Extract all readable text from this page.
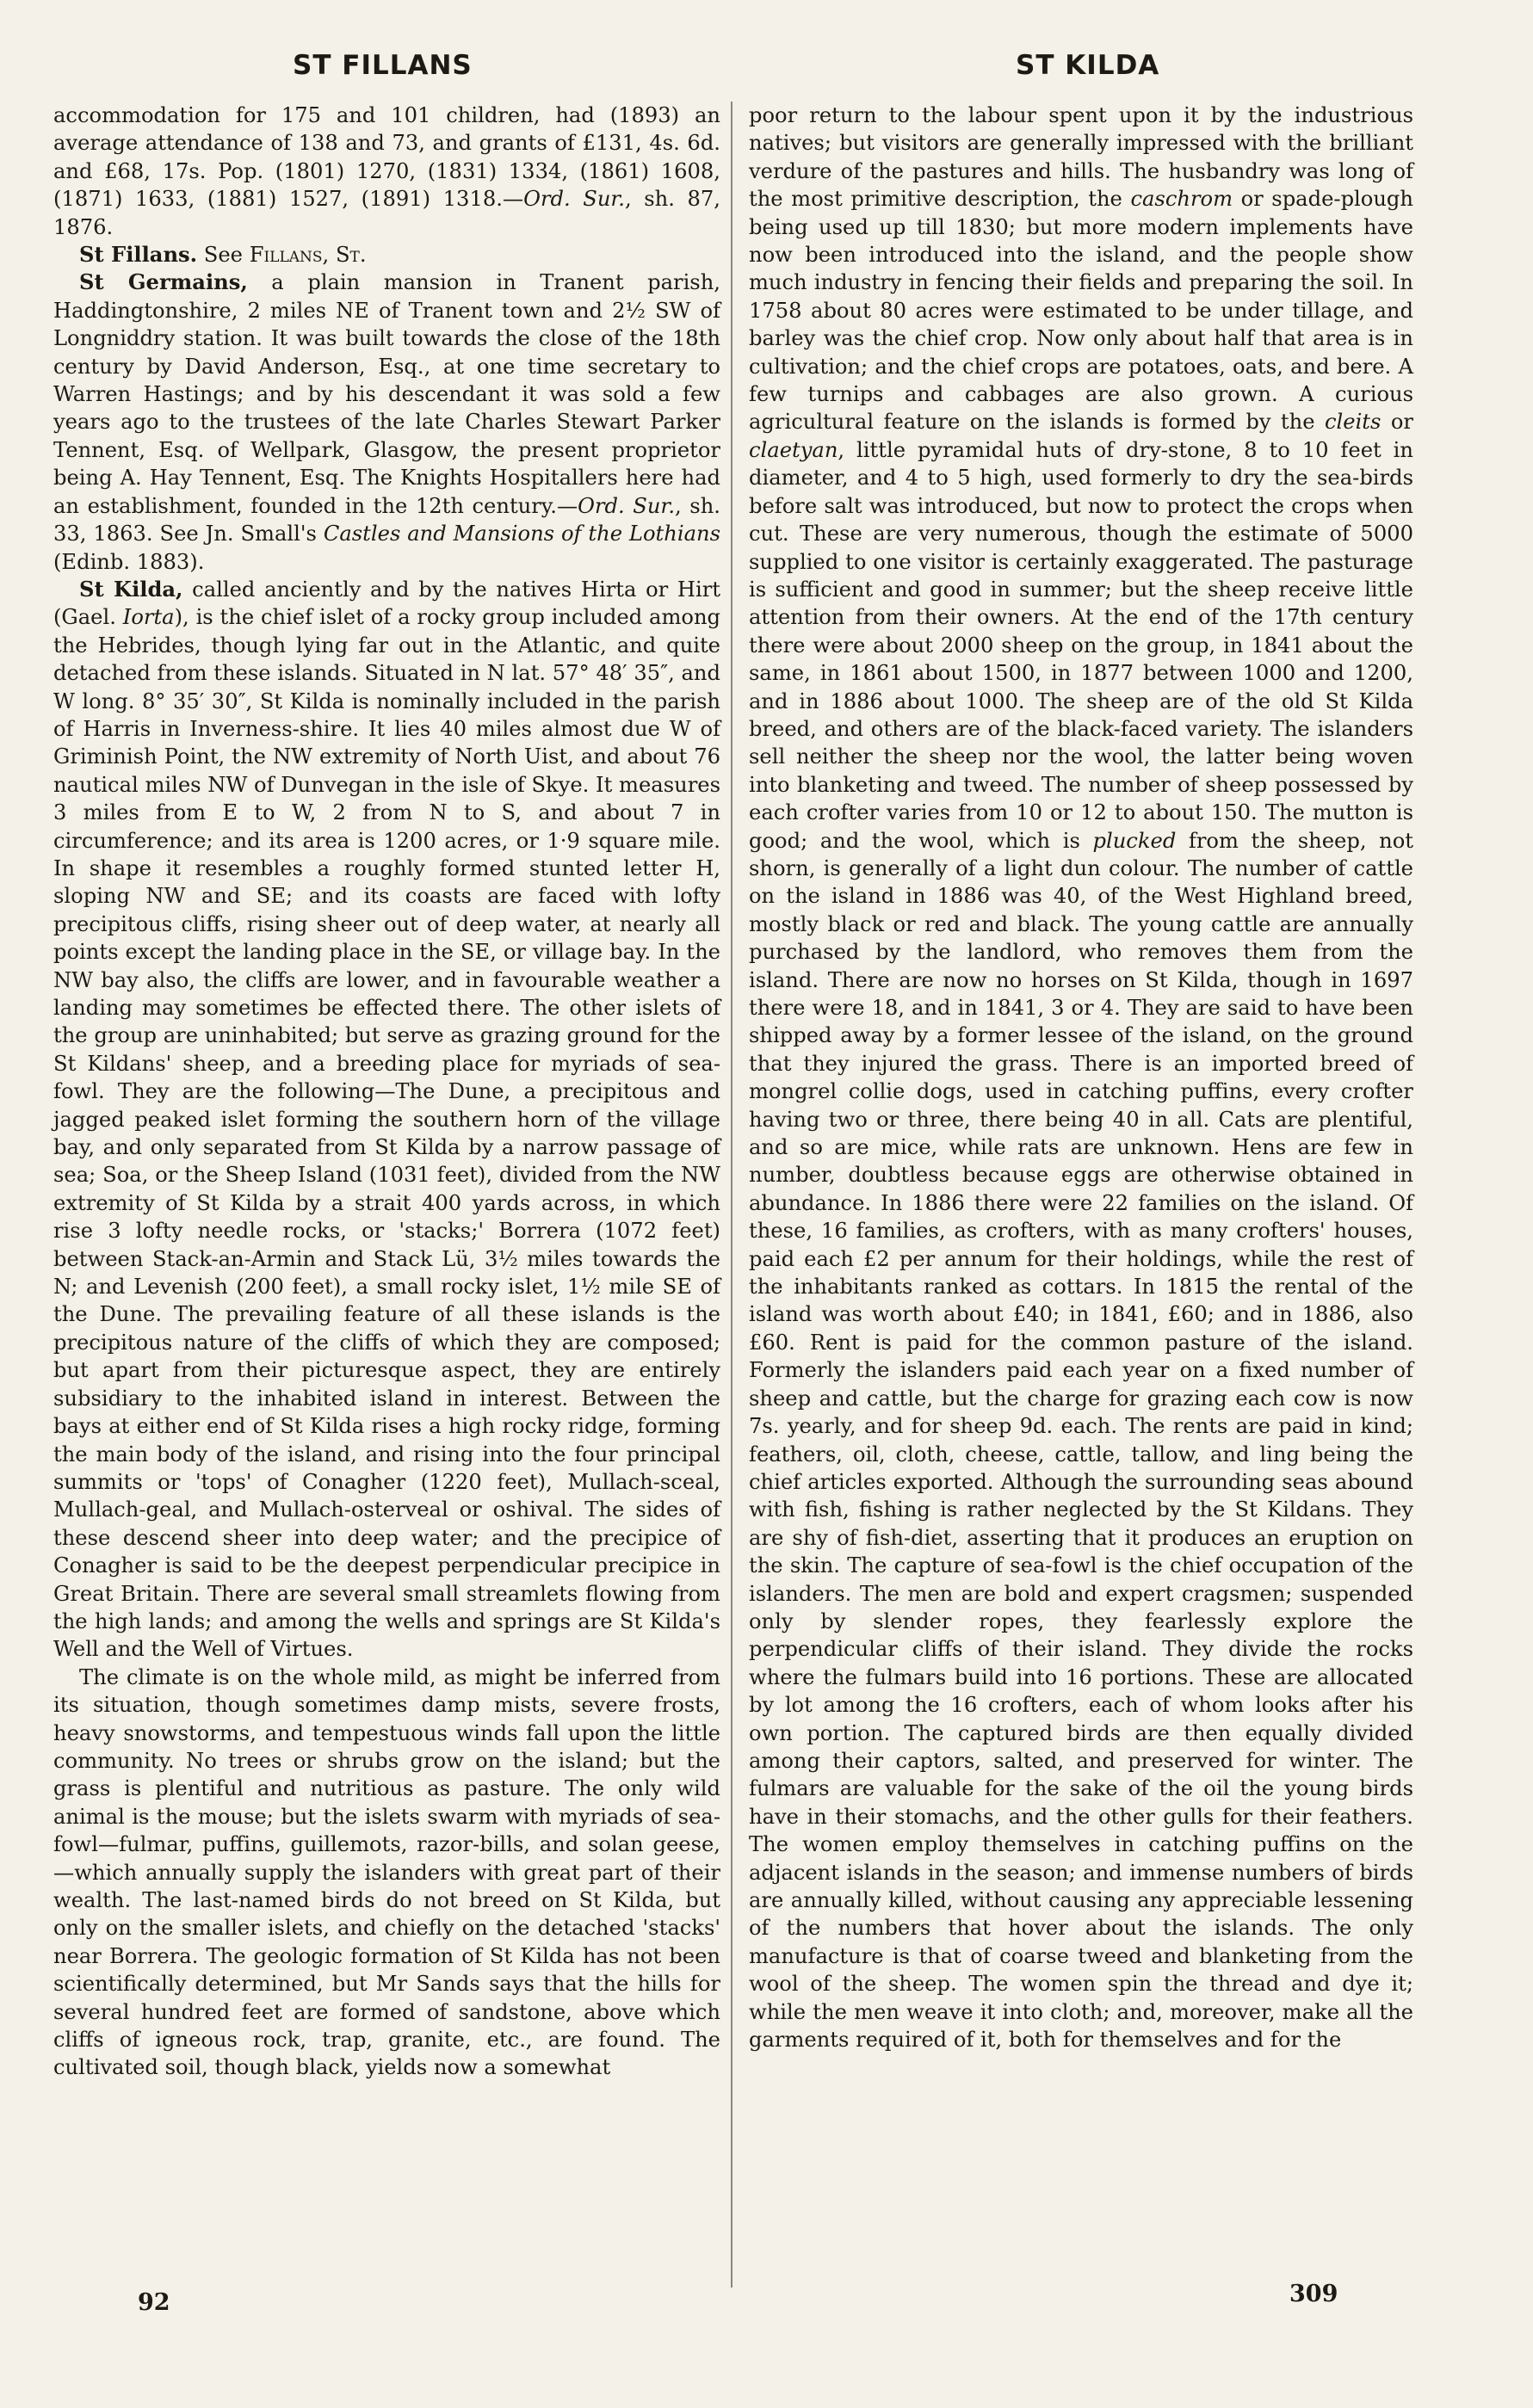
ST FILLANS	ST KILDA

accommodation for 175 and 101 children, had (1893) an average attendance of 138 and 73, and grants of £131, 4s. 6d. and £68, 17s. Pop. (1801) 1270, (1831) 1334, (1861) 1608, (1871) 1633, (1881) 1527, (1891) 1318.—Ord. Sur., sh. 87, 1876.

St Fillans. See Fillans, St.

St Germains, a plain mansion in Tranent parish, Haddingtonshire, 2 miles NE of Tranent town and 2½ SW of Longniddry station. It was built towards the close of the 18th century by David Anderson, Esq., at one time secretary to Warren Hastings; and by his descendant it was sold a few years ago to the trustees of the late Charles Stewart Parker Tennent, Esq. of Wellpark, Glasgow, the present proprietor being A. Hay Tennent, Esq. The Knights Hospitallers here had an establishment, founded in the 12th century.—Ord. Sur., sh. 33, 1863. See Jn. Small's Castles and Mansions of the Lothians (Edinb. 1883).

St Kilda, called anciently and by the natives Hirta or Hirt (Gael. Iorta), is the chief islet of a rocky group included among the Hebrides, though lying far out in the Atlantic, and quite detached from these islands. Situated in N lat. 57° 48′ 35″, and W long. 8° 35′ 30″, St Kilda is nominally included in the parish of Harris in Inverness-shire. It lies 40 miles almost due W of Griminish Point, the NW extremity of North Uist, and about 76 nautical miles NW of Dunvegan in the isle of Skye. It measures 3 miles from E to W, 2 from N to S, and about 7 in circumference; and its area is 1200 acres, or 1·9 square mile. In shape it resembles a roughly formed stunted letter H, sloping NW and SE; and its coasts are faced with lofty precipitous cliffs, rising sheer out of deep water, at nearly all points except the landing place in the SE, or village bay. In the NW bay also, the cliffs are lower, and in favourable weather a landing may sometimes be effected there. The other islets of the group are uninhabited; but serve as grazing ground for the St Kildans' sheep, and a breeding place for myriads of sea-fowl. They are the following—The Dune, a precipitous and jagged peaked islet forming the southern horn of the village bay, and only separated from St Kilda by a narrow passage of sea; Soa, or the Sheep Island (1031 feet), divided from the NW extremity of St Kilda by a strait 400 yards across, in which rise 3 lofty needle rocks, or 'stacks;' Borrera (1072 feet) between Stack-an-Armin and Stack Lü, 3½ miles towards the N; and Levenish (200 feet), a small rocky islet, 1½ mile SE of the Dune. The prevailing feature of all these islands is the precipitous nature of the cliffs of which they are composed; but apart from their picturesque aspect, they are entirely subsidiary to the inhabited island in interest. Between the bays at either end of St Kilda rises a high rocky ridge, forming the main body of the island, and rising into the four principal summits or 'tops' of Conagher (1220 feet), Mullach-sceal, Mullach-geal, and Mullach-osterveal or oshival. The sides of these descend sheer into deep water; and the precipice of Conagher is said to be the deepest perpendicular precipice in Great Britain. There are several small streamlets flowing from the high lands; and among the wells and springs are St Kilda's Well and the Well of Virtues.

The climate is on the whole mild, as might be inferred from its situation, though sometimes damp mists, severe frosts, heavy snowstorms, and tempestuous winds fall upon the little community. No trees or shrubs grow on the island; but the grass is plentiful and nutritious as pasture. The only wild animal is the mouse; but the islets swarm with myriads of sea-fowl—fulmar, puffins, guillemots, razor-bills, and solan geese,—which annually supply the islanders with great part of their wealth. The last-named birds do not breed on St Kilda, but only on the smaller islets, and chiefly on the detached 'stacks' near Borrera. The geologic formation of St Kilda has not been scientifically determined, but Mr Sands says that the hills for several hundred feet are formed of sandstone, above which cliffs of igneous rock, trap, granite, etc., are found. The cultivated soil, though black, yields now a somewhat

poor return to the labour spent upon it by the industrious natives; but visitors are generally impressed with the brilliant verdure of the pastures and hills. The husbandry was long of the most primitive description, the caschrom or spade-plough being used up till 1830; but more modern implements have now been introduced into the island, and the people show much industry in fencing their fields and preparing the soil. In 1758 about 80 acres were estimated to be under tillage, and barley was the chief crop. Now only about half that area is in cultivation; and the chief crops are potatoes, oats, and bere. A few turnips and cabbages are also grown. A curious agricultural feature on the islands is formed by the cleits or claetyan, little pyramidal huts of dry-stone, 8 to 10 feet in diameter, and 4 to 5 high, used formerly to dry the sea-birds before salt was introduced, but now to protect the crops when cut. These are very numerous, though the estimate of 5000 supplied to one visitor is certainly exaggerated. The pasturage is sufficient and good in summer; but the sheep receive little attention from their owners. At the end of the 17th century there were about 2000 sheep on the group, in 1841 about the same, in 1861 about 1500, in 1877 between 1000 and 1200, and in 1886 about 1000. The sheep are of the old St Kilda breed, and others are of the black-faced variety. The islanders sell neither the sheep nor the wool, the latter being woven into blanketing and tweed. The number of sheep possessed by each crofter varies from 10 or 12 to about 150. The mutton is good; and the wool, which is plucked from the sheep, not shorn, is generally of a light dun colour. The number of cattle on the island in 1886 was 40, of the West Highland breed, mostly black or red and black. The young cattle are annually purchased by the landlord, who removes them from the island. There are now no horses on St Kilda, though in 1697 there were 18, and in 1841, 3 or 4. They are said to have been shipped away by a former lessee of the island, on the ground that they injured the grass. There is an imported breed of mongrel collie dogs, used in catching puffins, every crofter having two or three, there being 40 in all. Cats are plentiful, and so are mice, while rats are unknown. Hens are few in number, doubtless because eggs are otherwise obtained in abundance. In 1886 there were 22 families on the island. Of these, 16 families, as crofters, with as many crofters' houses, paid each £2 per annum for their holdings, while the rest of the inhabitants ranked as cottars. In 1815 the rental of the island was worth about £40; in 1841, £60; and in 1886, also £60. Rent is paid for the common pasture of the island. Formerly the islanders paid each year on a fixed number of sheep and cattle, but the charge for grazing each cow is now 7s. yearly, and for sheep 9d. each. The rents are paid in kind; feathers, oil, cloth, cheese, cattle, tallow, and ling being the chief articles exported. Although the surrounding seas abound with fish, fishing is rather neglected by the St Kildans. They are shy of fish-diet, asserting that it produces an eruption on the skin. The capture of sea-fowl is the chief occupation of the islanders. The men are bold and expert cragsmen; suspended only by slender ropes, they fearlessly explore the perpendicular cliffs of their island. They divide the rocks where the fulmars build into 16 portions. These are allocated by lot among the 16 crofters, each of whom looks after his own portion. The captured birds are then equally divided among their captors, salted, and preserved for winter. The fulmars are valuable for the sake of the oil the young birds have in their stomachs, and the other gulls for their feathers. The women employ themselves in catching puffins on the adjacent islands in the season; and immense numbers of birds are annually killed, without causing any appreciable lessening of the numbers that hover about the islands. The only manufacture is that of coarse tweed and blanketing from the wool of the sheep. The women spin the thread and dye it; while the men weave it into cloth; and, moreover, make all the garments required of it, both for themselves and for the

92	309
